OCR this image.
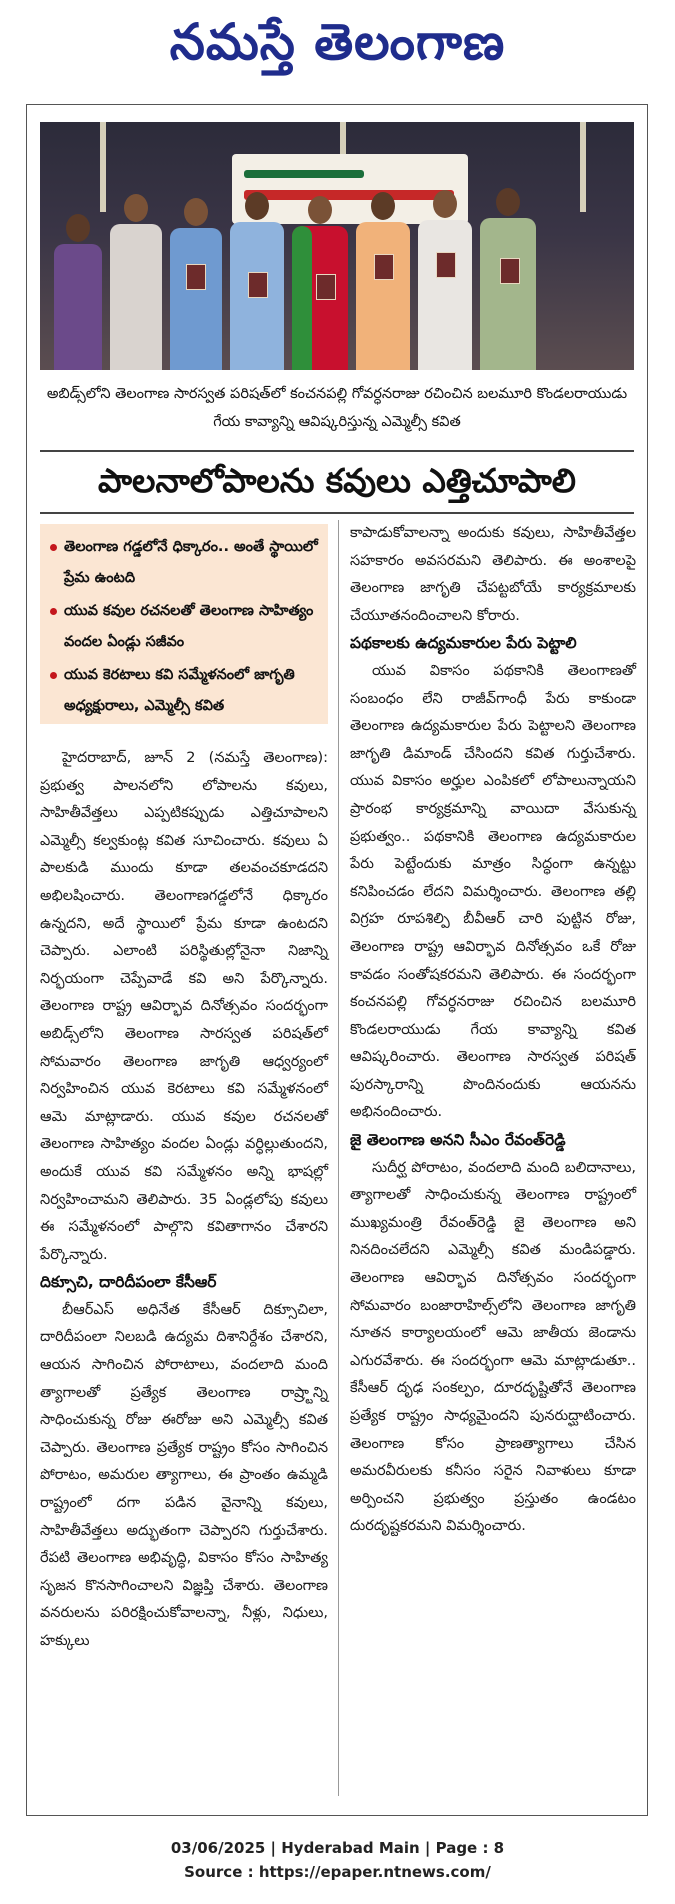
నమస్తే తెలంగాణ
అబిడ్స్‌లోని తెలంగాణ సారస్వత పరిషత్‌లో కంచనపల్లి గోవర్ధనరాజు రచించిన బలమూరి కొండలరాయుడు గేయ కావ్యాన్ని ఆవిష్కరిస్తున్న ఎమ్మెల్సీ కవిత
పాలనాలోపాలను కవులు ఎత్తిచూపాలి
తెలంగాణ గడ్డలోనే ధిక్కారం.. అంతే స్థాయిలో ప్రేమ ఉంటది
యువ కవుల రచనలతో తెలంగాణ సాహిత్యం వందల ఏండ్లు సజీవం
యువ కెరటాలు కవి సమ్మేళనంలో జాగృతి అధ్యక్షురాలు, ఎమ్మెల్సీ కవిత

హైదరాబాద్, జూన్ 2 (నమస్తే తెలంగాణ): ప్రభుత్వ పాలనలోని లోపాలను కవులు, సాహితీవేత్తలు ఎప్పటికప్పుడు ఎత్తిచూపాలని ఎమ్మెల్సీ కల్వకుంట్ల కవిత సూచించారు. కవులు ఏ పాలకుడి ముందు కూడా తలవంచకూడదని అభిలషించారు. తెలంగాణగడ్డలోనే ధిక్కారం ఉన్నదని, అదే స్థాయిలో ప్రేమ కూడా ఉంటదని చెప్పారు. ఎలాంటి పరిస్థితుల్లోనైనా నిజాన్ని నిర్భయంగా చెప్పేవాడే కవి అని పేర్కొన్నారు. తెలంగాణ రాష్ట్ర ఆవిర్భావ దినోత్సవం సందర్భంగా అబిడ్స్‌లోని తెలంగాణ సారస్వత పరిషత్‌లో సోమవారం తెలంగాణ జాగృతి ఆధ్వర్యంలో నిర్వహించిన యువ కెరటాలు కవి సమ్మేళనంలో ఆమె మాట్లాడారు. యువ కవుల రచనలతో తెలంగాణ సాహిత్యం వందల ఏండ్లు వర్ధిల్లుతుందని, అందుకే యువ కవి సమ్మేళనం అన్ని భాషల్లో నిర్వహించామని తెలిపారు. 35 ఏండ్లలోపు కవులు ఈ సమ్మేళనంలో పాల్గొని కవితాగానం చేశారని పేర్కొన్నారు.

దిక్సూచి, దారిదీపంలా కేసీఆర్

బీఆర్‌ఎస్ అధినేత కేసీఆర్ దిక్సూచిలా, దారిదీపంలా నిలబడి ఉద్యమ దిశానిర్దేశం చేశారని, ఆయన సాగించిన పోరాటాలు, వందలాది మంది త్యాగాలతో ప్రత్యేక తెలంగాణ రాష్ర్టాన్ని సాధించుకున్న రోజు ఈరోజు అని ఎమ్మెల్సీ కవిత చెప్పారు. తెలంగాణ ప్రత్యేక రాష్ట్రం కోసం సాగించిన పోరాటం, అమరుల త్యాగాలు, ఈ ప్రాంతం ఉమ్మడి రాష్ట్రంలో దగా పడిన వైనాన్ని కవులు, సాహితీవేత్తలు అద్భుతంగా చెప్పారని గుర్తుచేశారు. రేపటి తెలంగాణ అభివృద్ధి, వికాసం కోసం సాహిత్య సృజన కొనసాగించాలని విజ్ఞప్తి చేశారు. తెలంగాణ వనరులను పరిరక్షించుకోవాలన్నా, నీళ్లు, నిధులు, హక్కులు

కాపాడుకోవాలన్నా అందుకు కవులు, సాహితీవేత్తల సహకారం అవసరమని తెలిపారు. ఈ అంశాలపై తెలంగాణ జాగృతి చేపట్టబోయే కార్యక్రమాలకు చేయూతనందించాలని కోరారు.

పథకాలకు ఉద్యమకారుల పేరు పెట్టాలి

యువ వికాసం పథకానికి తెలంగాణతో సంబంధం లేని రాజీవ్‌గాంధీ పేరు కాకుండా తెలంగాణ ఉద్యమకారుల పేరు పెట్టాలని తెలంగాణ జాగృతి డిమాండ్ చేసిందని కవిత గుర్తుచేశారు. యువ వికాసం అర్హుల ఎంపికలో లోపాలున్నాయని ప్రారంభ కార్యక్రమాన్ని వాయిదా వేసుకున్న ప్రభుత్వం.. పథకానికి తెలంగాణ ఉద్యమకారుల పేరు పెట్టేందుకు మాత్రం సిద్ధంగా ఉన్నట్టు కనిపించడం లేదని విమర్శించారు. తెలంగాణ తల్లి విగ్రహ రూపశిల్పి బీవీఆర్ చారి పుట్టిన రోజు, తెలంగాణ రాష్ట్ర ఆవిర్భావ దినోత్సవం ఒకే రోజు కావడం సంతోషకరమని తెలిపారు. ఈ సందర్భంగా కంచనపల్లి గోవర్ధనరాజు రచించిన బలమూరి కొండలరాయుడు గేయ కావ్యాన్ని కవిత ఆవిష్కరించారు. తెలంగాణ సారస్వత పరిషత్ పురస్కారాన్ని పొందినందుకు ఆయనను అభినందించారు.

జై తెలంగాణ అనని సీఎం రేవంత్‌రెడ్డి

సుదీర్ఘ పోరాటం, వందలాది మంది బలిదానాలు, త్యాగాలతో సాధించుకున్న తెలంగాణ రాష్ట్రంలో ముఖ్యమంత్రి రేవంత్‌రెడ్డి జై తెలంగాణ అని నినదించలేదని ఎమ్మెల్సీ కవిత మండిపడ్డారు. తెలంగాణ ఆవిర్భావ దినోత్సవం సందర్భంగా సోమవారం బంజారాహిల్స్‌లోని తెలంగాణ జాగృతి నూతన కార్యాలయంలో ఆమె జాతీయ జెండాను ఎగురవేశారు. ఈ సందర్భంగా ఆమె మాట్లాడుతూ.. కేసీఆర్ దృఢ సంకల్పం, దూరదృష్టితోనే తెలంగాణ ప్రత్యేక రాష్ట్రం సాధ్యమైందని పునరుద్ఘాటించారు. తెలంగాణ కోసం ప్రాణత్యాగాలు చేసిన అమరవీరులకు కనీసం సరైన నివాళులు కూడా అర్పించని ప్రభుత్వం ప్రస్తుతం ఉండటం దురదృష్టకరమని విమర్శించారు.

03/06/2025 | Hyderabad Main | Page : 8
Source : https://epaper.ntnews.com/
